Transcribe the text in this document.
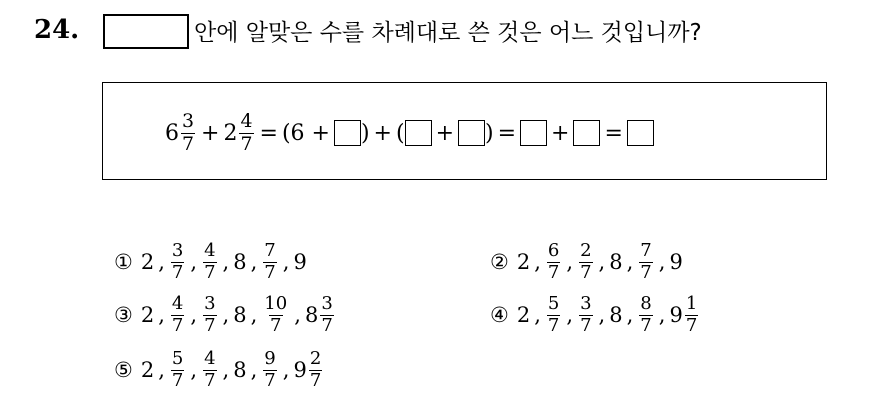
24.	안에 알맞은 수를 차례대로 쓴 것은 어느 것입니까?
$6 \frac{3}{7} + 2 \frac{4}{7} = (6$ + ) + ( + ) = + =
① 2 , $\frac{3}{7}$ , $\frac{4}{7}$ , 8 , $\frac{7}{7}$ , 9	② 2 , $\frac{6}{7}$ , $\frac{2}{7}$ , 8 , $\frac{7}{7}$ , 9
③ 2 , $\frac{4}{7}$ , $\frac{3}{7}$ , 8 , $\frac{10}{7}$ , $8 \frac{3}{7}$	④ 2 , $\frac{5}{7}$ , $\frac{3}{7}$ , 8 , $\frac{8}{7}$ , $9 \frac{1}{7}$
⑤ 2 , $\frac{5}{7}$ , $\frac{4}{7}$ , 8 , $\frac{9}{7}$ , $9 \frac{2}{7}$
